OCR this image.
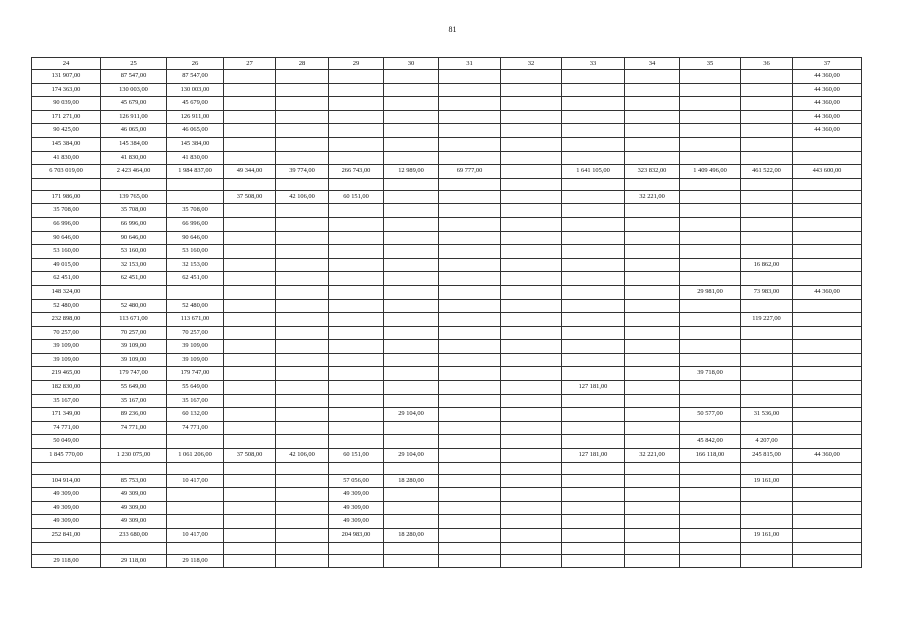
81
24	25	26	27	28	29	30	31	32	33	34	35	36	37
131 907,00	87 547,00	87 547,00											44 360,00
174 363,00	130 003,00	130 003,00											44 360,00
90 039,00	45 679,00	45 679,00											44 360,00
171 271,00	126 911,00	126 911,00											44 360,00
90 425,00	46 065,00	46 065,00											44 360,00
145 384,00	145 384,00	145 384,00											
41 830,00	41 830,00	41 830,00											
6 703 019,00	2 423 464,00	1 984 837,00	49 344,00	39 774,00	266 743,00	12 989,00	69 777,00		1 641 105,00	323 832,00	1 409 496,00	461 522,00	443 600,00

171 986,00	139 765,00		37 508,00	42 106,00	60 151,00					32 221,00			
35 708,00	35 708,00	35 708,00											
66 996,00	66 996,00	66 996,00											
90 646,00	90 646,00	90 646,00											
53 160,00	53 160,00	53 160,00											
49 015,00	32 153,00	32 153,00										16 862,00	
62 451,00	62 451,00	62 451,00											
148 324,00											29 981,00	73 983,00	44 360,00
52 480,00	52 480,00	52 480,00											
232 898,00	113 671,00	113 671,00										119 227,00	
70 257,00	70 257,00	70 257,00											
39 109,00	39 109,00	39 109,00											
39 109,00	39 109,00	39 109,00											
219 465,00	179 747,00	179 747,00									39 718,00		
182 830,00	55 649,00	55 649,00							127 181,00				
35 167,00	35 167,00	35 167,00											
171 349,00	89 236,00	60 132,00				29 104,00					50 577,00	31 536,00	
74 771,00	74 771,00	74 771,00											
50 049,00											45 842,00	4 207,00	
1 845 770,00	1 230 075,00	1 061 206,00	37 508,00	42 106,00	60 151,00	29 104,00			127 181,00	32 221,00	166 118,00	245 815,00	44 360,00

104 914,00	85 753,00	10 417,00			57 056,00	18 280,00						19 161,00	
49 309,00	49 309,00				49 309,00								
49 309,00	49 309,00				49 309,00								
49 309,00	49 309,00				49 309,00								
252 841,00	233 680,00	10 417,00			204 983,00	18 280,00						19 161,00	

29 118,00	29 118,00	29 118,00											
